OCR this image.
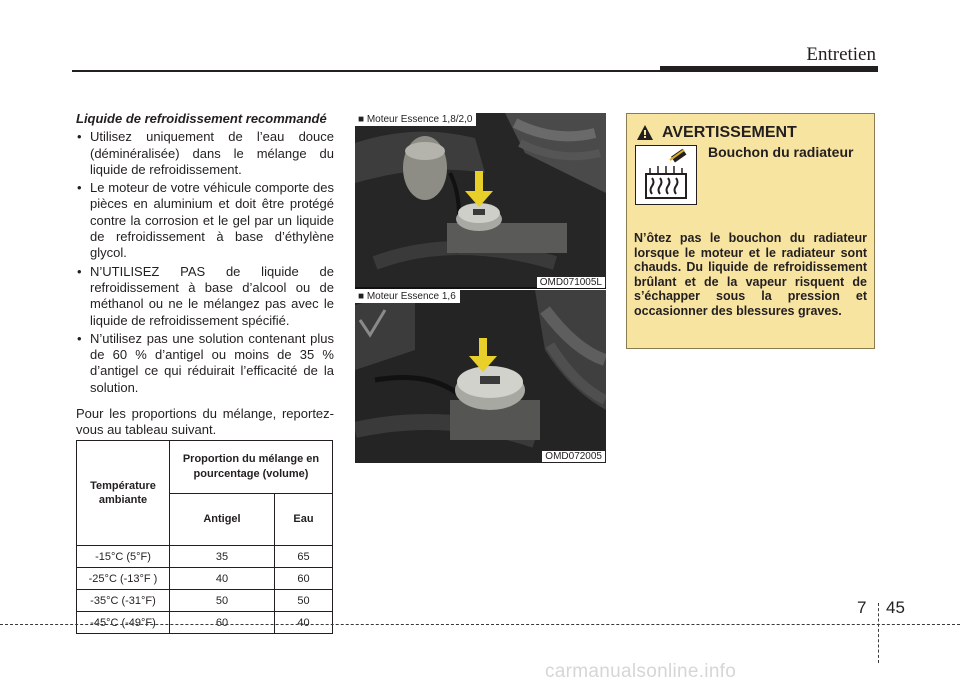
Entretien
Liquide de refroidissement recommandé
• Utilisez uniquement de l’eau douce (déminéralisée) dans le mélange du liquide de refroidissement.
• Le moteur de votre véhicule comporte des pièces en aluminium et doit être protégé contre la corrosion et le gel par un liquide de refroidissement à base d’éthylène glycol.
• N’UTILISEZ PAS de liquide de refroidissement à base d’alcool ou de méthanol ou ne le mélangez pas avec le liquide de refroidissement spécifié.
• N’utilisez pas une solution contenant plus de 60 % d’antigel ou moins de 35 % d’antigel ce qui réduirait l’efficacité de la solution.
Pour les proportions du mélange, reportez-vous au tableau suivant.
Température ambiante	Proportion du mélange en pourcentage (volume)	
	Antigel	Eau
-15°C (5°F)	35	65
-25°C (-13°F )	40	60
-35°C (-31°F)	50	50
-45°C (-49°F)	60	40
■ Moteur Essence 1,8/2,0
OMD071005L
■ Moteur Essence 1,6
OMD072005
AVERTISSEMENT
Bouchon du radiateur
N’ôtez pas le bouchon du radiateur lorsque le moteur et le radiateur sont chauds. Du liquide de refroidissement brûlant et de la vapeur risquent de s’échapper sous la pression et occasionner des blessures graves.
7 45
carmanualsonline.info
